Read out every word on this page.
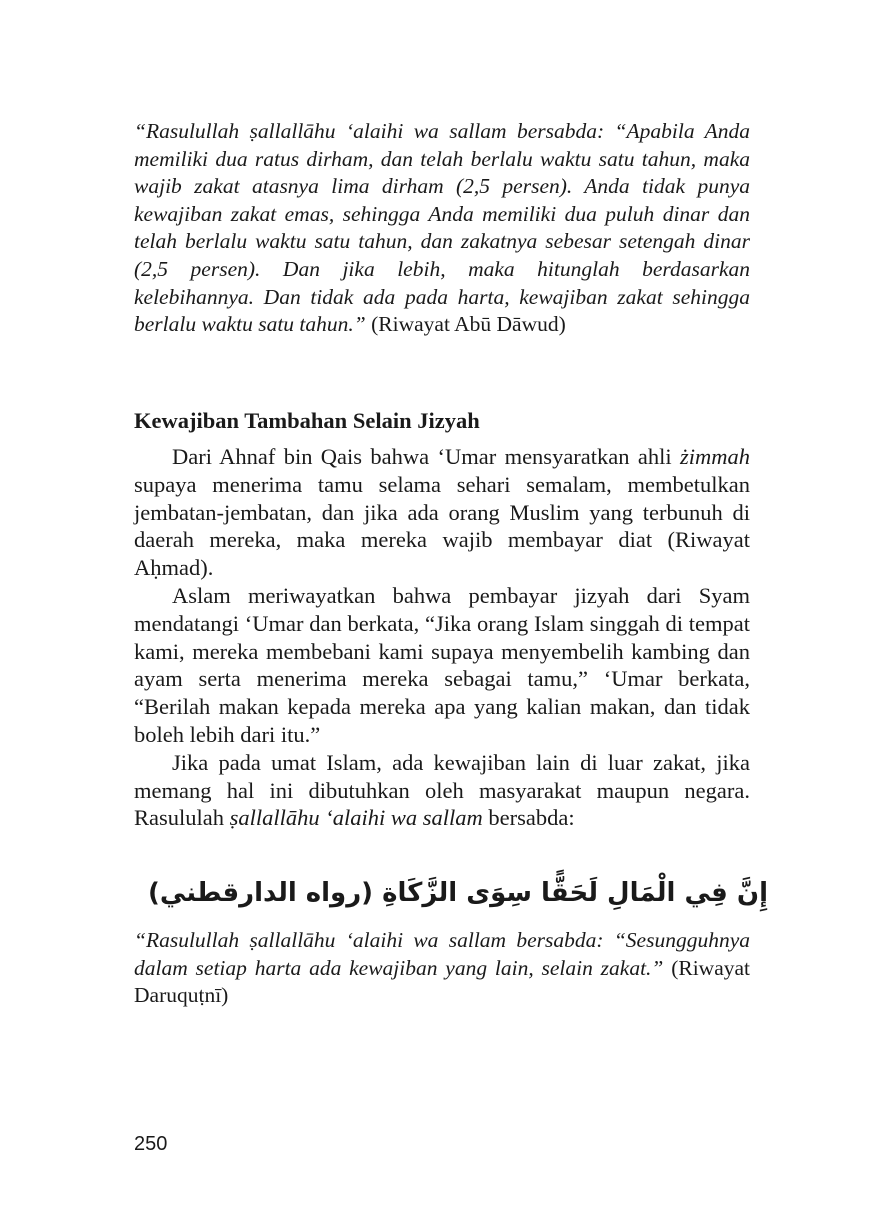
“Rasulullah ṣallallāhu ‘alaihi wa sallam bersabda: “Apabila Anda memiliki dua ratus dirham, dan telah berlalu waktu satu tahun, maka wajib zakat atasnya lima dirham (2,5 persen). Anda tidak punya kewajiban zakat emas, sehingga Anda memiliki dua puluh dinar dan telah berlalu waktu satu tahun, dan zakatnya sebesar setengah dinar (2,5 persen). Dan jika lebih, maka hitunglah berdasarkan kelebihannya. Dan tidak ada pada harta, kewajiban zakat sehingga berlalu waktu satu tahun.” (Riwayat Abū Dāwud)

Kewajiban Tambahan Selain Jizyah

Dari Ahnaf bin Qais bahwa ‘Umar mensyaratkan ahli żimmah supaya menerima tamu selama sehari semalam, membetulkan jembatan-jembatan, dan jika ada orang Muslim yang terbunuh di daerah mereka, maka mereka wajib membayar diat (Riwayat Aḥmad).

Aslam meriwayatkan bahwa pembayar jizyah dari Syam mendatangi ‘Umar dan berkata, “Jika orang Islam singgah di tempat kami, mereka membebani kami supaya menyembelih kambing dan ayam serta menerima mereka sebagai tamu,” ‘Umar berkata, “Berilah makan kepada mereka apa yang kalian makan, dan tidak boleh lebih dari itu.”

Jika pada umat Islam, ada kewajiban lain di luar zakat, jika memang hal ini dibutuhkan oleh masyarakat maupun negara. Rasululah ṣallallāhu ‘alaihi wa sallam bersabda:

إِنَّ فِي الْمَالِ لَحَقًّا سِوَى الزَّكَاةِ (رواه الدارقطني)

“Rasulullah ṣallallāhu ‘alaihi wa sallam bersabda: “Sesungguhnya dalam setiap harta ada kewajiban yang lain, selain zakat.” (Riwayat Daruquṭnī)

250
